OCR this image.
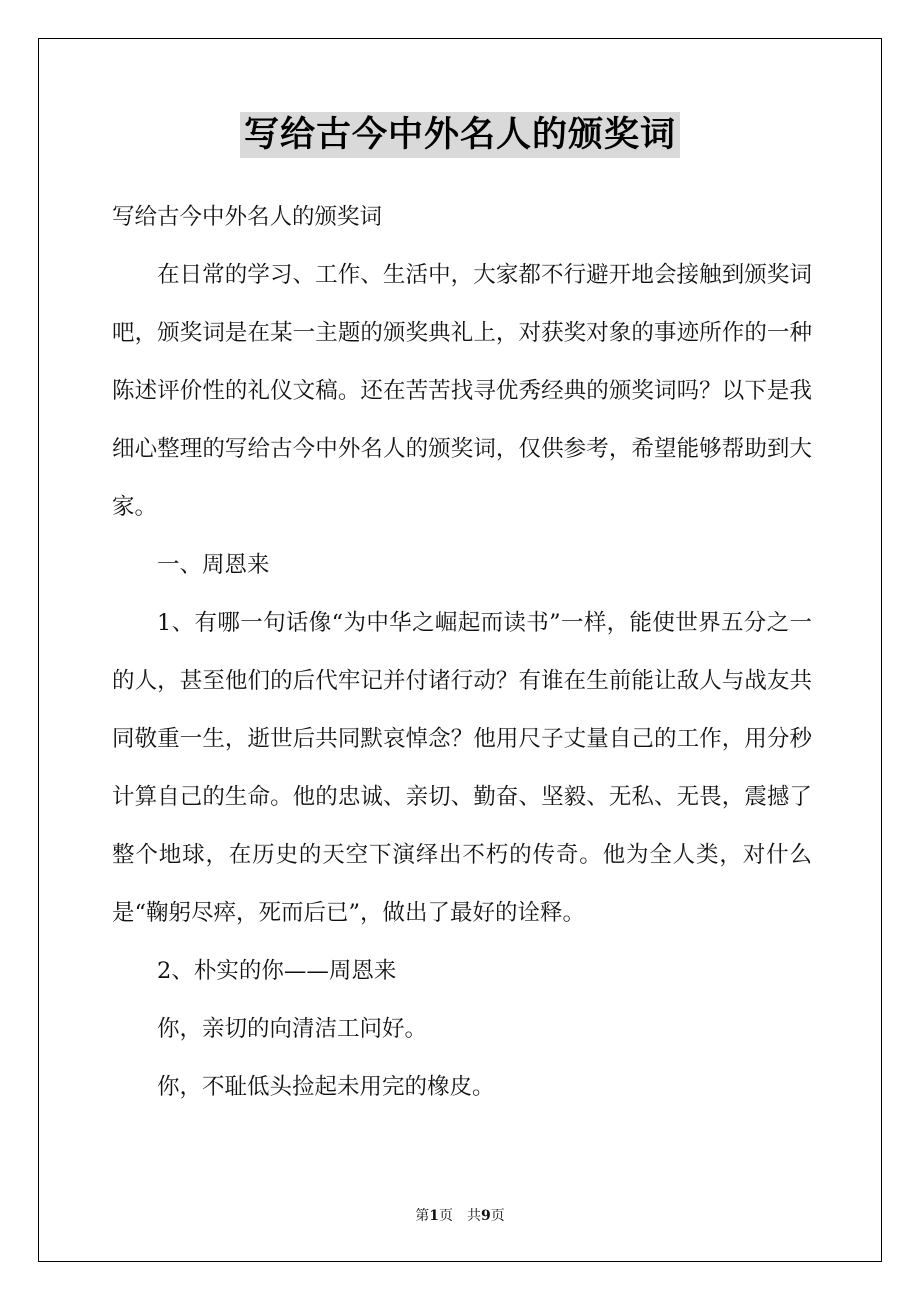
写给古今中外名人的颁奖词

写给古今中外名人的颁奖词

在日常的学习、工作、生活中，大家都不行避开地会接触到颁奖词吧，颁奖词是在某一主题的颁奖典礼上，对获奖对象的事迹所作的一种陈述评价性的礼仪文稿。还在苦苦找寻优秀经典的颁奖词吗？以下是我细心整理的写给古今中外名人的颁奖词，仅供参考，希望能够帮助到大家。

一、周恩来

1、有哪一句话像“为中华之崛起而读书”一样，能使世界五分之一的人，甚至他们的后代牢记并付诸行动？有谁在生前能让敌人与战友共同敬重一生，逝世后共同默哀悼念？他用尺子丈量自己的工作，用分秒计算自己的生命。他的忠诚、亲切、勤奋、坚毅、无私、无畏，震撼了整个地球，在历史的天空下演绎出不朽的传奇。他为全人类，对什么是“鞠躬尽瘁，死而后已”，做出了最好的诠释。

2、朴实的你——周恩来

你，亲切的向清洁工问好。

你，不耻低头捡起未用完的橡皮。

第1页　共9页
